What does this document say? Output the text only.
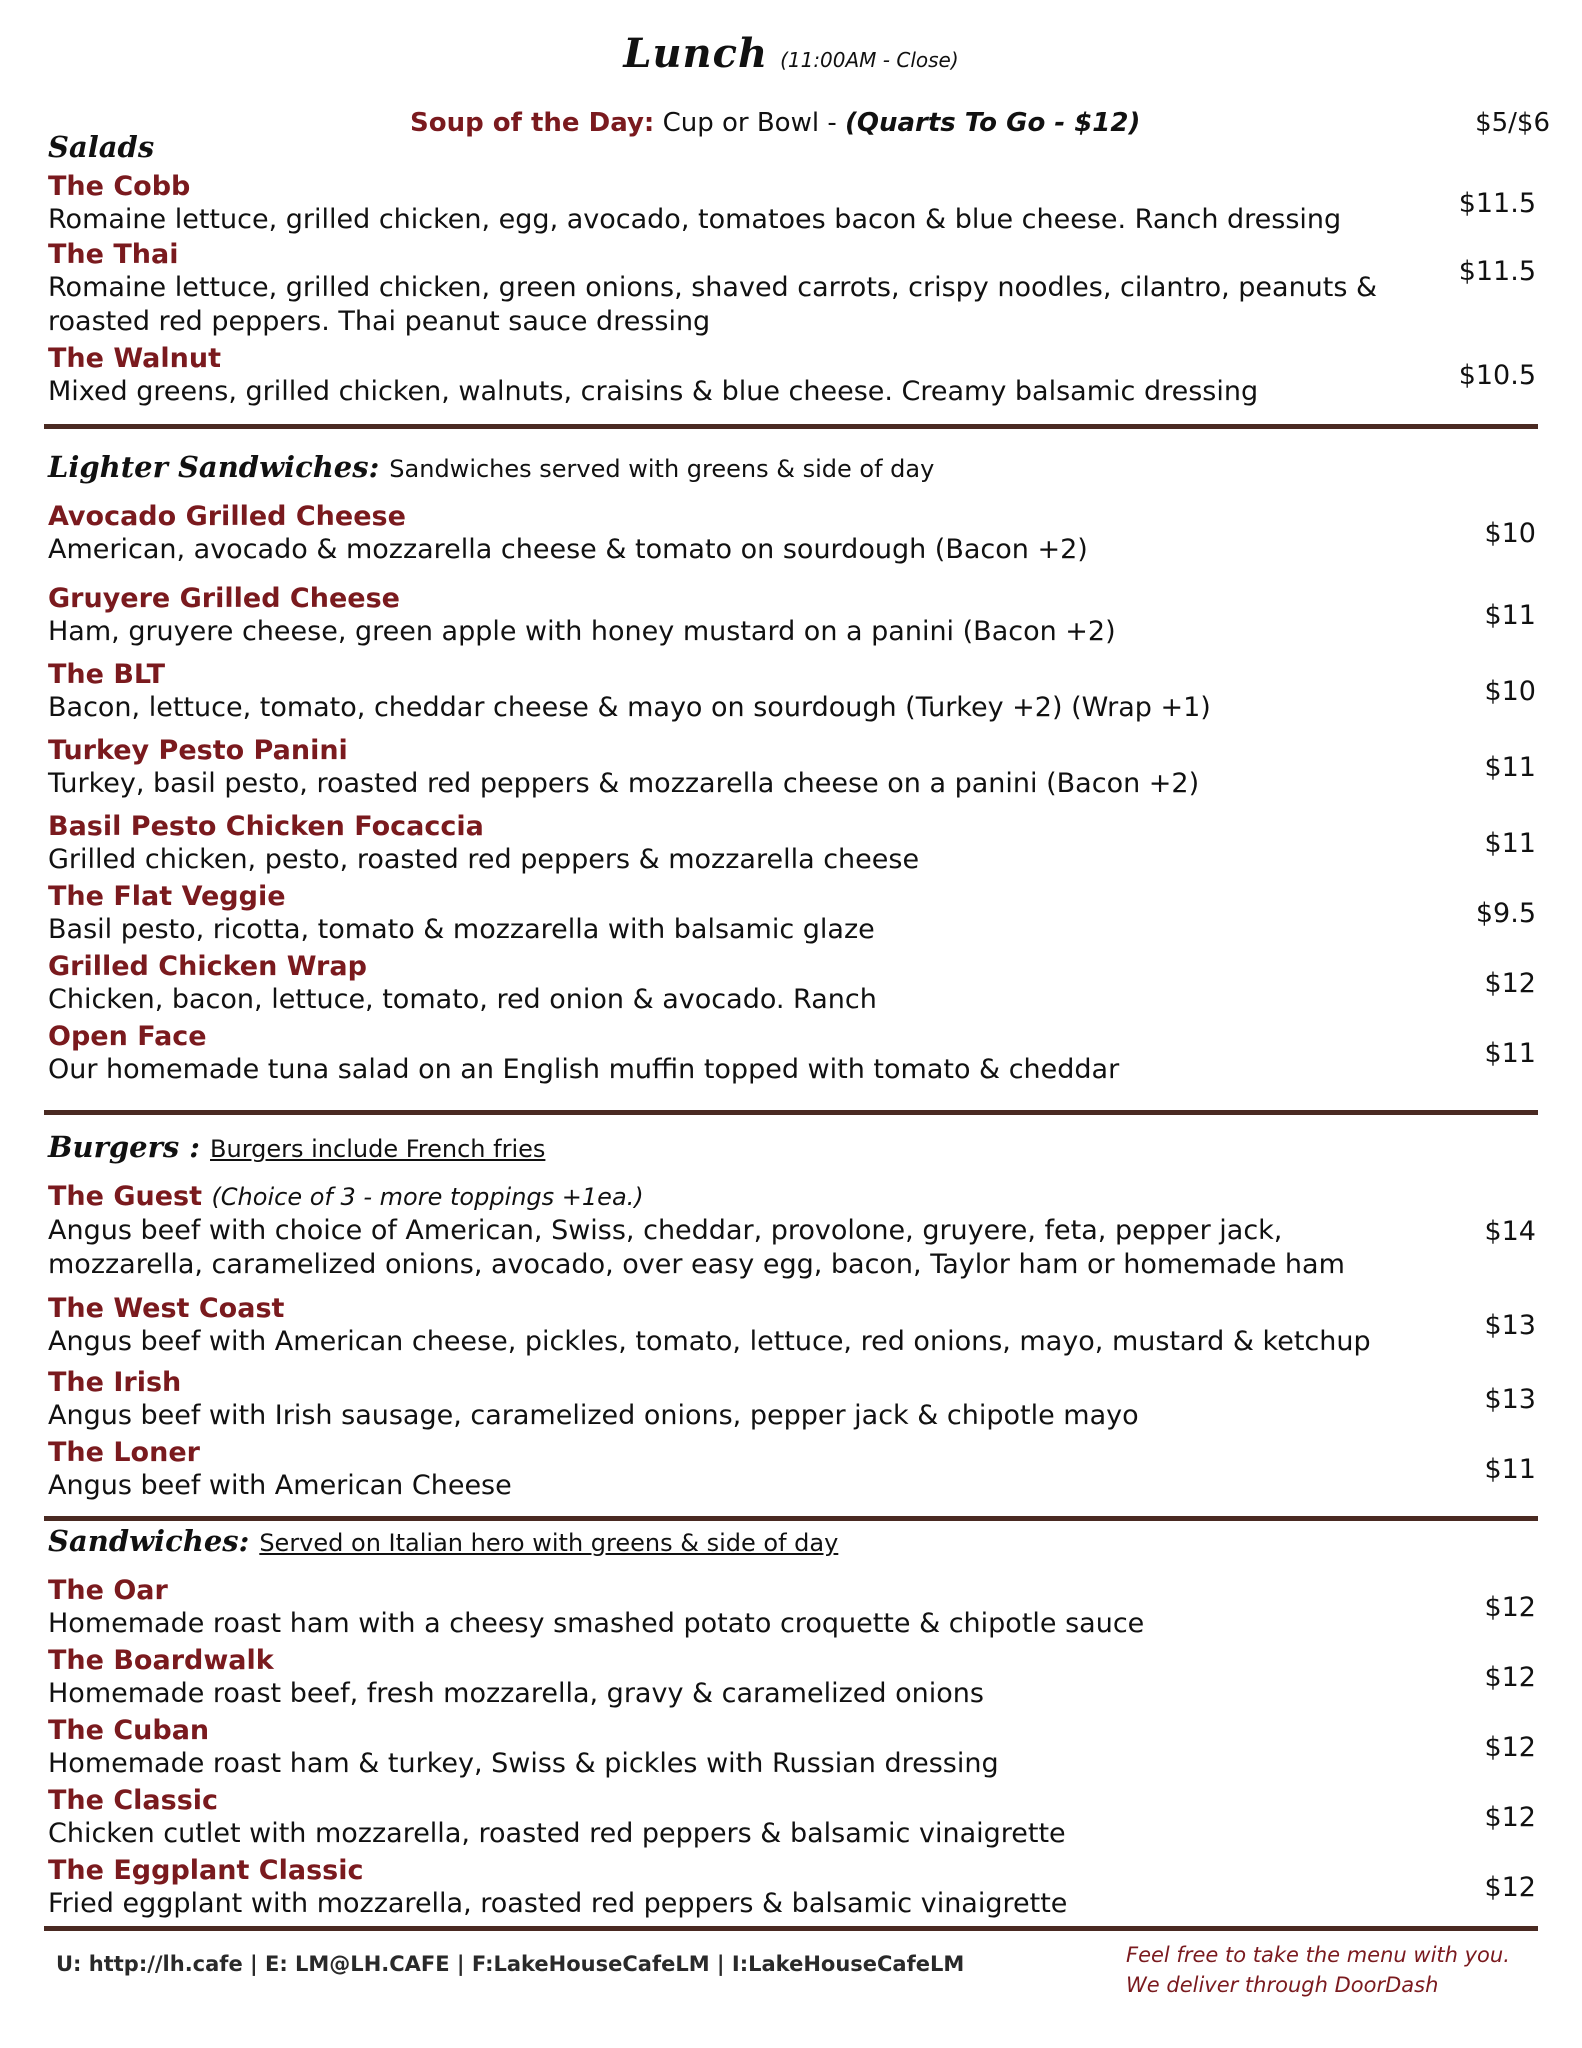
Lunch (11:00AM - Close)
Soup of the Day: Cup or Bowl - (Quarts To Go - $12)	$5/$6
Salads
The Cobb
Romaine lettuce, grilled chicken, egg, avocado, tomatoes bacon & blue cheese. Ranch dressing
$11.5
The Thai
Romaine lettuce, grilled chicken, green onions, shaved carrots, crispy noodles, cilantro, peanuts & roasted red peppers. Thai peanut sauce dressing
$11.5
The Walnut
Mixed greens, grilled chicken, walnuts, craisins & blue cheese. Creamy balsamic dressing
$10.5
Lighter Sandwiches: Sandwiches served with greens & side of day
Avocado Grilled Cheese
American, avocado & mozzarella cheese & tomato on sourdough (Bacon +2)
$10
Gruyere Grilled Cheese
Ham, gruyere cheese, green apple with honey mustard on a panini (Bacon +2)
$11
The BLT
Bacon, lettuce, tomato, cheddar cheese & mayo on sourdough (Turkey +2) (Wrap +1)
$10
Turkey Pesto Panini
Turkey, basil pesto, roasted red peppers & mozzarella cheese on a panini (Bacon +2)
$11
Basil Pesto Chicken Focaccia
Grilled chicken, pesto, roasted red peppers & mozzarella cheese
$11
The Flat Veggie
Basil pesto, ricotta, tomato & mozzarella with balsamic glaze
$9.5
Grilled Chicken Wrap
Chicken, bacon, lettuce, tomato, red onion & avocado. Ranch
$12
Open Face
Our homemade tuna salad on an English muffin topped with tomato & cheddar
$11
Burgers : Burgers include French fries
The Guest (Choice of 3 - more toppings +1ea.)
Angus beef with choice of American, Swiss, cheddar, provolone, gruyere, feta, pepper jack, mozzarella, caramelized onions, avocado, over easy egg, bacon, Taylor ham or homemade ham
$14
The West Coast
Angus beef with American cheese, pickles, tomato, lettuce, red onions, mayo, mustard & ketchup
$13
The Irish
Angus beef with Irish sausage, caramelized onions, pepper jack & chipotle mayo
$13
The Loner
Angus beef with American Cheese
$11
Sandwiches: Served on Italian hero with greens & side of day
The Oar
Homemade roast ham with a cheesy smashed potato croquette & chipotle sauce
$12
The Boardwalk
Homemade roast beef, fresh mozzarella, gravy & caramelized onions
$12
The Cuban
Homemade roast ham & turkey, Swiss & pickles with Russian dressing
$12
The Classic
Chicken cutlet with mozzarella, roasted red peppers & balsamic vinaigrette
$12
The Eggplant Classic
Fried eggplant with mozzarella, roasted red peppers & balsamic vinaigrette
$12
U: http://lh.cafe | E: LM@LH.CAFE | F:LakeHouseCafeLM | I:LakeHouseCafeLM	Feel free to take the menu with you.
We deliver through DoorDash
